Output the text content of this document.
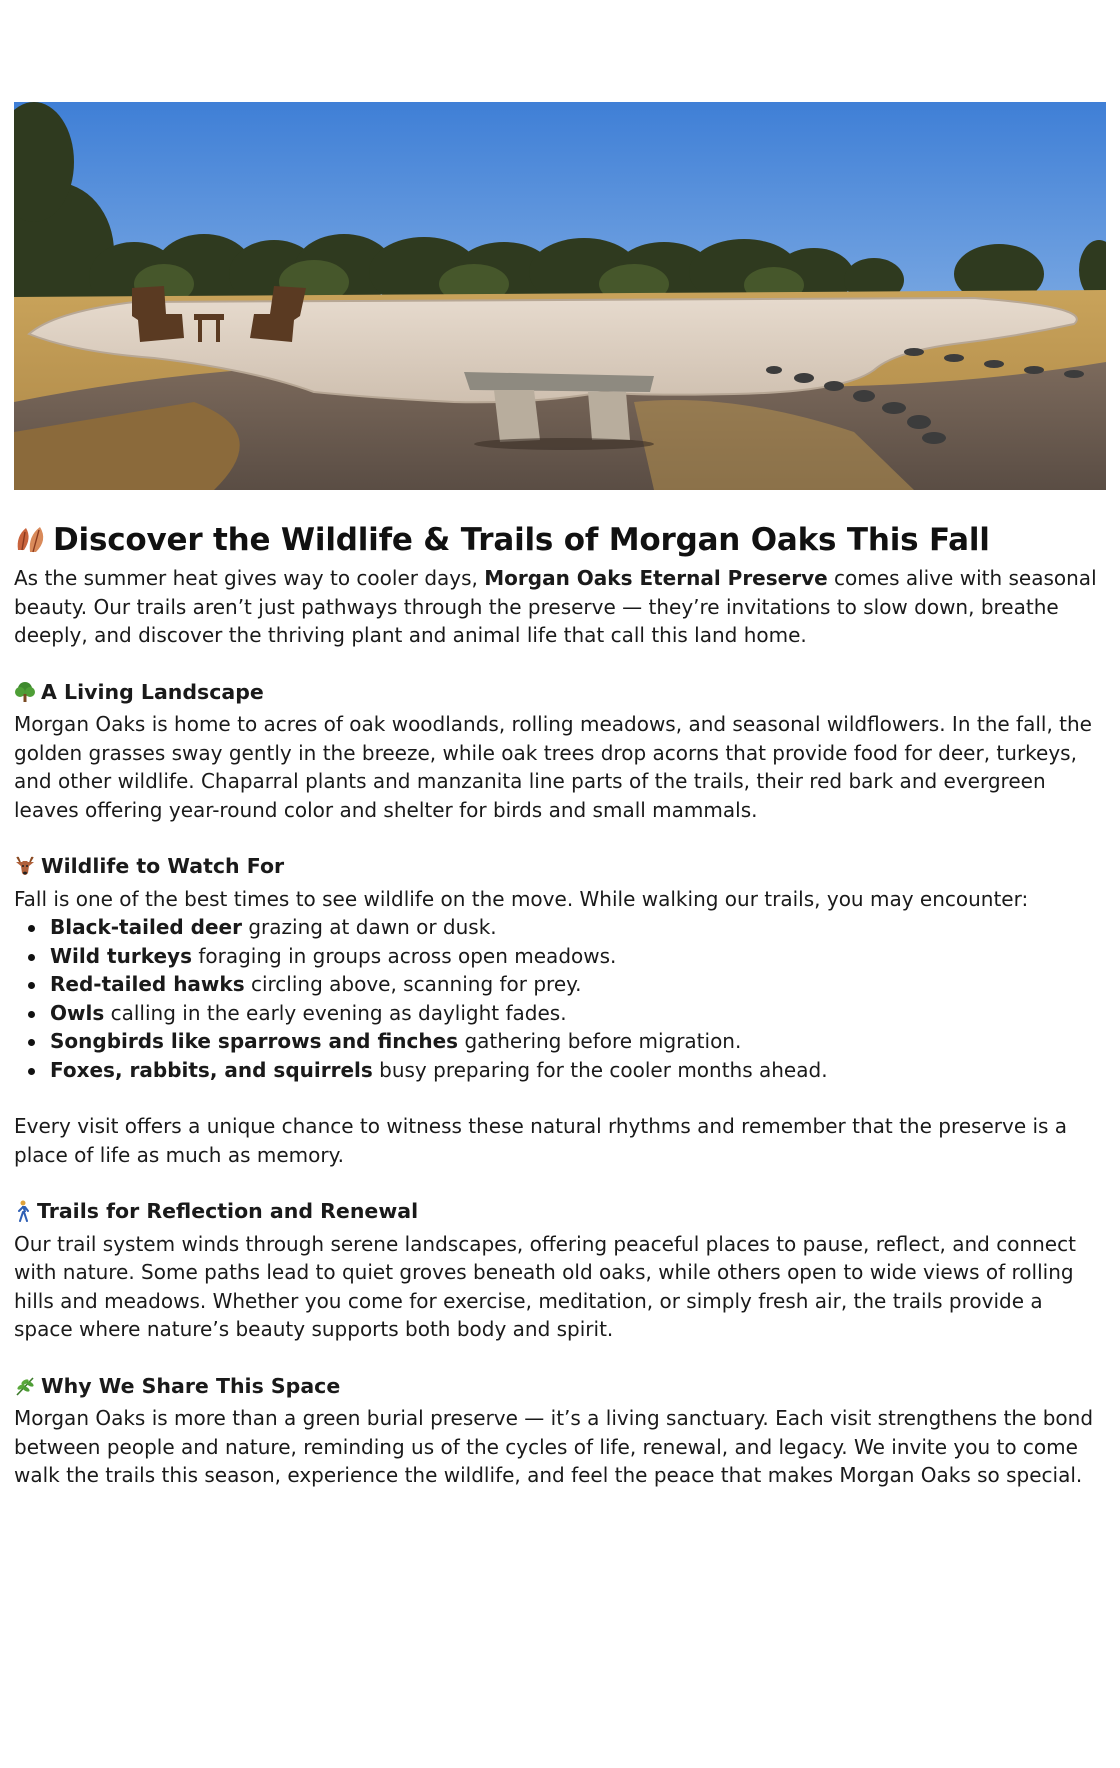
Discover the Wildlife & Trails of Morgan Oaks This Fall

As the summer heat gives way to cooler days, Morgan Oaks Eternal Preserve comes alive with seasonal beauty. Our trails aren’t just pathways through the preserve — they’re invitations to slow down, breathe deeply, and discover the thriving plant and animal life that call this land home.

A Living Landscape

Morgan Oaks is home to acres of oak woodlands, rolling meadows, and seasonal wildflowers. In the fall, the golden grasses sway gently in the breeze, while oak trees drop acorns that provide food for deer, turkeys, and other wildlife. Chaparral plants and manzanita line parts of the trails, their red bark and evergreen leaves offering year-round color and shelter for birds and small mammals.

Wildlife to Watch For

Fall is one of the best times to see wildlife on the move. While walking our trails, you may encounter:

Black-tailed deer grazing at dawn or dusk.
Wild turkeys foraging in groups across open meadows.
Red-tailed hawks circling above, scanning for prey.
Owls calling in the early evening as daylight fades.
Songbirds like sparrows and finches gathering before migration.
Foxes, rabbits, and squirrels busy preparing for the cooler months ahead.

Every visit offers a unique chance to witness these natural rhythms and remember that the preserve is a place of life as much as memory.

Trails for Reflection and Renewal

Our trail system winds through serene landscapes, offering peaceful places to pause, reflect, and connect with nature. Some paths lead to quiet groves beneath old oaks, while others open to wide views of rolling hills and meadows. Whether you come for exercise, meditation, or simply fresh air, the trails provide a space where nature’s beauty supports both body and spirit.

Why We Share This Space

Morgan Oaks is more than a green burial preserve — it’s a living sanctuary. Each visit strengthens the bond between people and nature, reminding us of the cycles of life, renewal, and legacy. We invite you to come walk the trails this season, experience the wildlife, and feel the peace that makes Morgan Oaks so special.
